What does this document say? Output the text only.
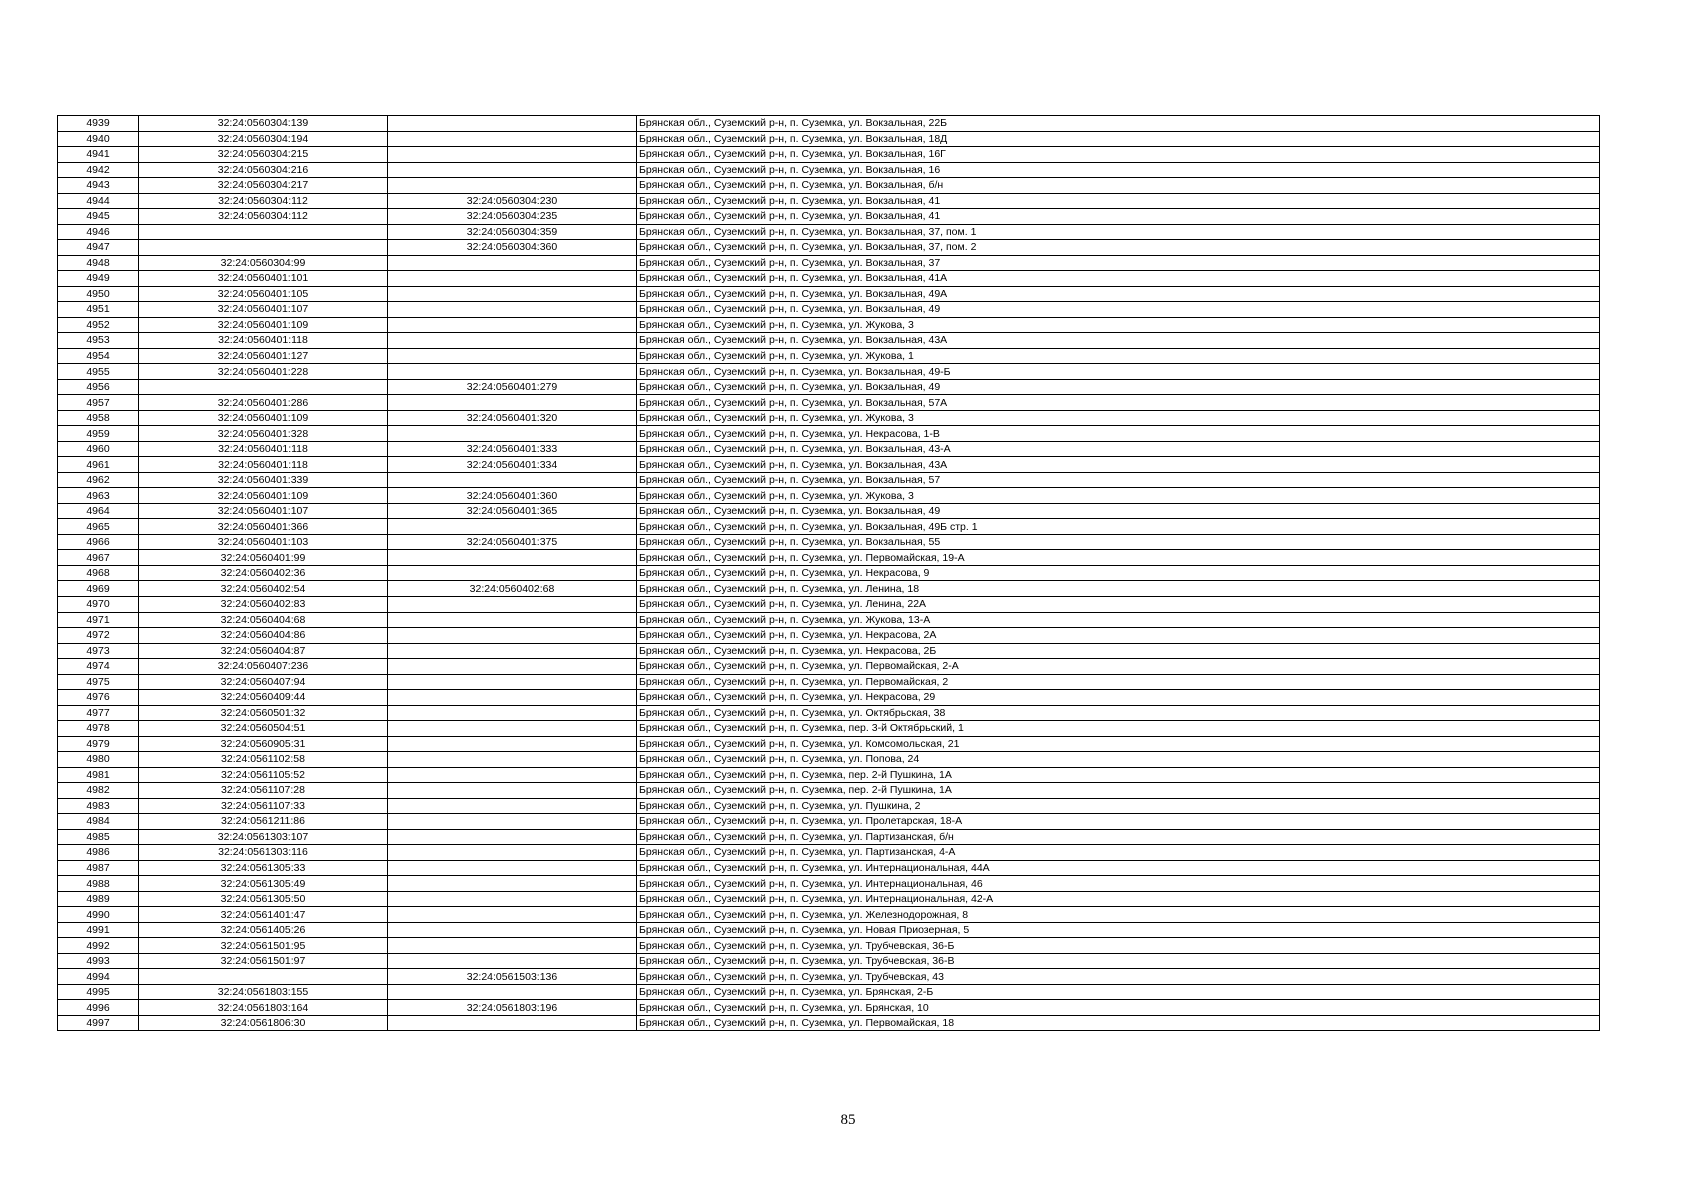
4939	32:24:0560304:139		Брянская обл., Суземский р-н, п. Суземка, ул. Вокзальная, 22Б
4940	32:24:0560304:194		Брянская обл., Суземский р-н, п. Суземка, ул. Вокзальная, 18Д
4941	32:24:0560304:215		Брянская обл., Суземский р-н, п. Суземка, ул. Вокзальная, 16Г
4942	32:24:0560304:216		Брянская обл., Суземский р-н, п. Суземка, ул. Вокзальная, 16
4943	32:24:0560304:217		Брянская обл., Суземский р-н, п. Суземка, ул. Вокзальная, б/н
4944	32:24:0560304:112	32:24:0560304:230	Брянская обл., Суземский р-н, п. Суземка, ул. Вокзальная, 41
4945	32:24:0560304:112	32:24:0560304:235	Брянская обл., Суземский р-н, п. Суземка, ул. Вокзальная, 41
4946		32:24:0560304:359	Брянская обл., Суземский р-н, п. Суземка, ул. Вокзальная, 37, пом. 1
4947		32:24:0560304:360	Брянская обл., Суземский р-н, п. Суземка, ул. Вокзальная, 37, пом. 2
4948	32:24:0560304:99		Брянская обл., Суземский р-н, п. Суземка, ул. Вокзальная, 37
4949	32:24:0560401:101		Брянская обл., Суземский р-н, п. Суземка, ул. Вокзальная, 41А
4950	32:24:0560401:105		Брянская обл., Суземский р-н, п. Суземка, ул. Вокзальная, 49А
4951	32:24:0560401:107		Брянская обл., Суземский р-н, п. Суземка, ул. Вокзальная, 49
4952	32:24:0560401:109		Брянская обл., Суземский р-н, п. Суземка, ул. Жукова, 3
4953	32:24:0560401:118		Брянская обл., Суземский р-н, п. Суземка, ул. Вокзальная, 43А
4954	32:24:0560401:127		Брянская обл., Суземский р-н, п. Суземка, ул. Жукова, 1
4955	32:24:0560401:228		Брянская обл., Суземский р-н, п. Суземка, ул. Вокзальная, 49-Б
4956		32:24:0560401:279	Брянская обл., Суземский р-н, п. Суземка, ул. Вокзальная, 49
4957	32:24:0560401:286		Брянская обл., Суземский р-н, п. Суземка, ул. Вокзальная, 57А
4958	32:24:0560401:109	32:24:0560401:320	Брянская обл., Суземский р-н, п. Суземка, ул. Жукова, 3
4959	32:24:0560401:328		Брянская обл., Суземский р-н, п. Суземка, ул. Некрасова, 1-В
4960	32:24:0560401:118	32:24:0560401:333	Брянская обл., Суземский р-н, п. Суземка, ул. Вокзальная, 43-А
4961	32:24:0560401:118	32:24:0560401:334	Брянская обл., Суземский р-н, п. Суземка, ул. Вокзальная, 43А
4962	32:24:0560401:339		Брянская обл., Суземский р-н, п. Суземка, ул. Вокзальная, 57
4963	32:24:0560401:109	32:24:0560401:360	Брянская обл., Суземский р-н, п. Суземка, ул. Жукова, 3
4964	32:24:0560401:107	32:24:0560401:365	Брянская обл., Суземский р-н, п. Суземка, ул. Вокзальная, 49
4965	32:24:0560401:366		Брянская обл., Суземский р-н, п. Суземка, ул. Вокзальная, 49Б стр. 1
4966	32:24:0560401:103	32:24:0560401:375	Брянская обл., Суземский р-н, п. Суземка, ул. Вокзальная, 55
4967	32:24:0560401:99		Брянская обл., Суземский р-н, п. Суземка, ул. Первомайская, 19-А
4968	32:24:0560402:36		Брянская обл., Суземский р-н, п. Суземка, ул. Некрасова, 9
4969	32:24:0560402:54	32:24:0560402:68	Брянская обл., Суземский р-н, п. Суземка, ул. Ленина, 18
4970	32:24:0560402:83		Брянская обл., Суземский р-н, п. Суземка, ул. Ленина, 22А
4971	32:24:0560404:68		Брянская обл., Суземский р-н, п. Суземка, ул. Жукова, 13-А
4972	32:24:0560404:86		Брянская обл., Суземский р-н, п. Суземка, ул. Некрасова, 2А
4973	32:24:0560404:87		Брянская обл., Суземский р-н, п. Суземка, ул. Некрасова, 2Б
4974	32:24:0560407:236		Брянская обл., Суземский р-н, п. Суземка, ул. Первомайская, 2-А
4975	32:24:0560407:94		Брянская обл., Суземский р-н, п. Суземка, ул. Первомайская, 2
4976	32:24:0560409:44		Брянская обл., Суземский р-н, п. Суземка, ул. Некрасова, 29
4977	32:24:0560501:32		Брянская обл., Суземский р-н, п. Суземка, ул. Октябрьская, 38
4978	32:24:0560504:51		Брянская обл., Суземский р-н, п. Суземка, пер. 3-й Октябрьский, 1
4979	32:24:0560905:31		Брянская обл., Суземский р-н, п. Суземка, ул. Комсомольская, 21
4980	32:24:0561102:58		Брянская обл., Суземский р-н, п. Суземка, ул. Попова, 24
4981	32:24:0561105:52		Брянская обл., Суземский р-н, п. Суземка, пер. 2-й Пушкина, 1А
4982	32:24:0561107:28		Брянская обл., Суземский р-н, п. Суземка, пер. 2-й Пушкина, 1А
4983	32:24:0561107:33		Брянская обл., Суземский р-н, п. Суземка, ул. Пушкина, 2
4984	32:24:0561211:86		Брянская обл., Суземский р-н, п. Суземка, ул. Пролетарская, 18-А
4985	32:24:0561303:107		Брянская обл., Суземский р-н, п. Суземка, ул. Партизанская, б/н
4986	32:24:0561303:116		Брянская обл., Суземский р-н, п. Суземка, ул. Партизанская, 4-А
4987	32:24:0561305:33		Брянская обл., Суземский р-н, п. Суземка, ул. Интернациональная, 44А
4988	32:24:0561305:49		Брянская обл., Суземский р-н, п. Суземка, ул. Интернациональная, 46
4989	32:24:0561305:50		Брянская обл., Суземский р-н, п. Суземка, ул. Интернациональная, 42-А
4990	32:24:0561401:47		Брянская обл., Суземский р-н, п. Суземка, ул. Железнодорожная, 8
4991	32:24:0561405:26		Брянская обл., Суземский р-н, п. Суземка, ул. Новая Приозерная, 5
4992	32:24:0561501:95		Брянская обл., Суземский р-н, п. Суземка, ул. Трубчевская, 36-Б
4993	32:24:0561501:97		Брянская обл., Суземский р-н, п. Суземка, ул. Трубчевская, 36-В
4994		32:24:0561503:136	Брянская обл., Суземский р-н, п. Суземка, ул. Трубчевская, 43
4995	32:24:0561803:155		Брянская обл., Суземский р-н, п. Суземка, ул. Брянская, 2-Б
4996	32:24:0561803:164	32:24:0561803:196	Брянская обл., Суземский р-н, п. Суземка, ул. Брянская, 10
4997	32:24:0561806:30		Брянская обл., Суземский р-н, п. Суземка, ул. Первомайская, 18
85
